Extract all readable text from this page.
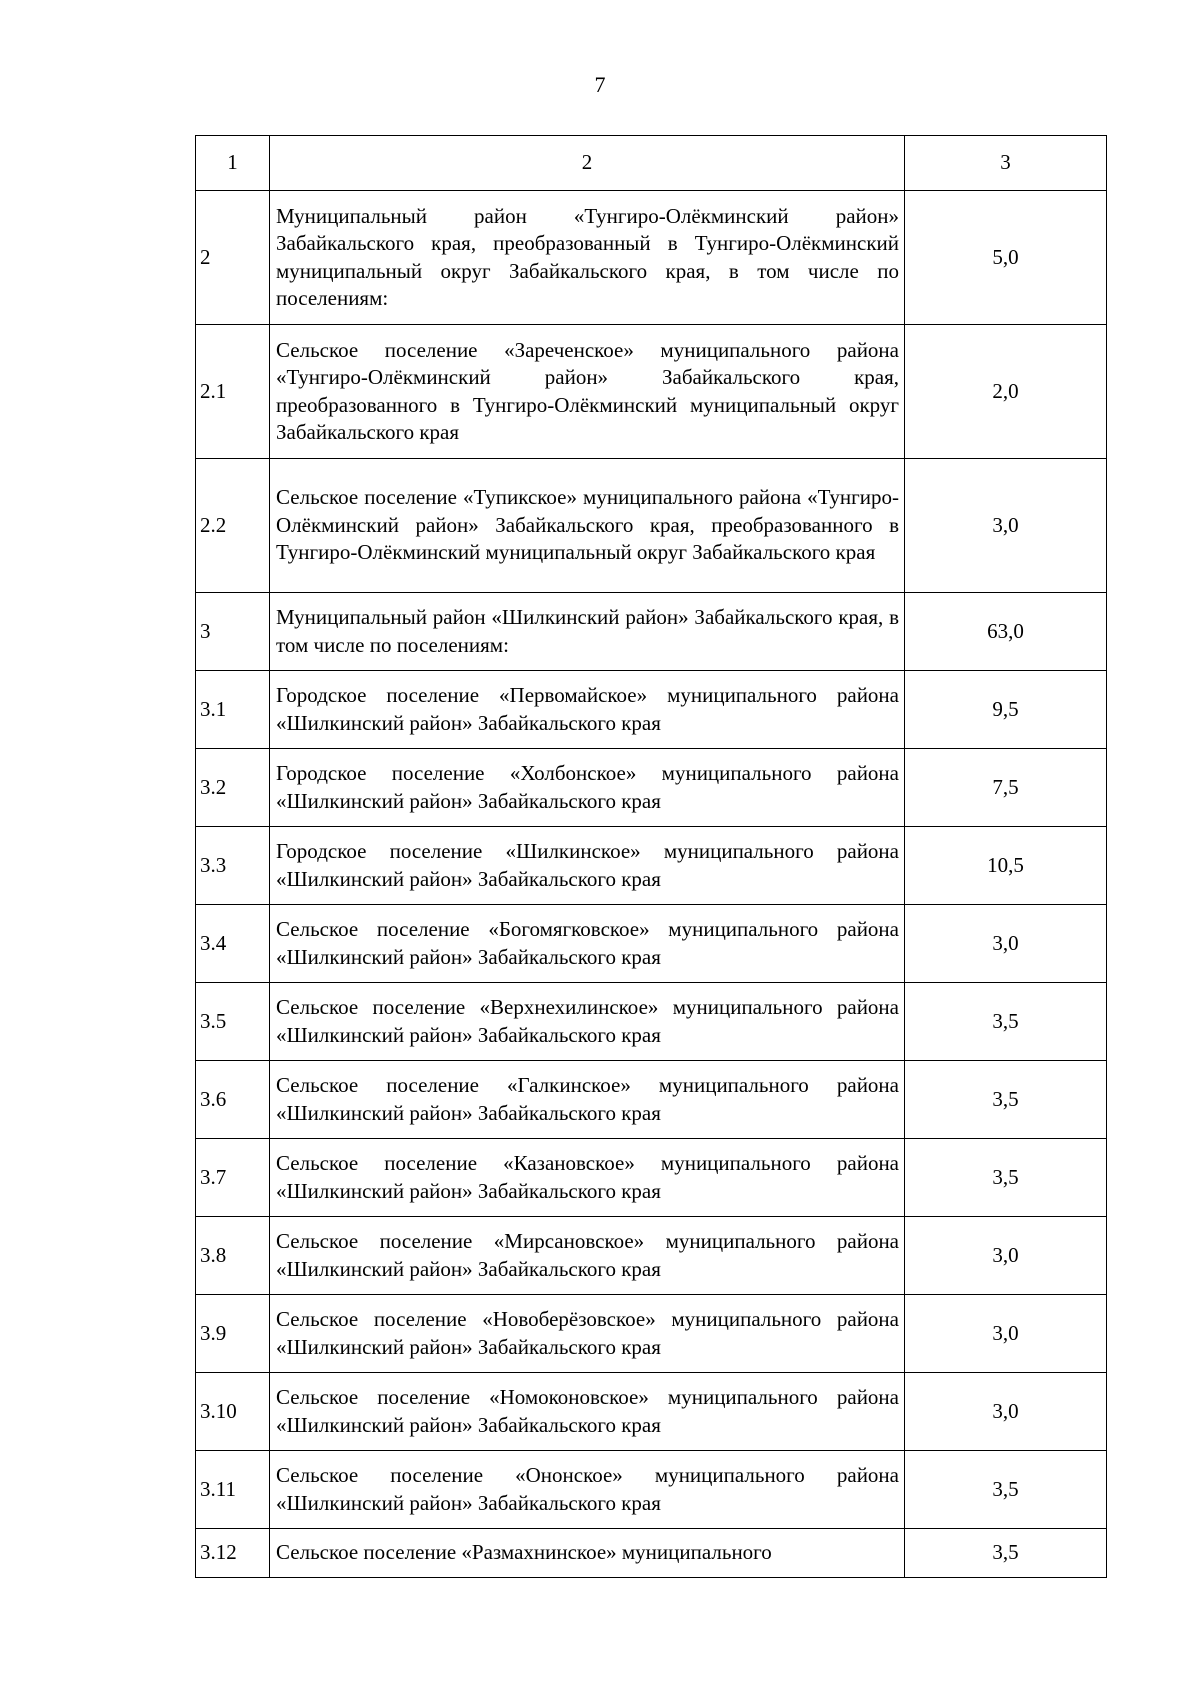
7
1	2	3
2	Муниципальный район «Тунгиро-Олёкминский район» Забайкальского края, преобразованный в Тунгиро-Олёкминский муниципальный округ Забайкальского края, в том числе по поселениям:	5,0
2.1	Сельское поселение «Зареченское» муниципального района «Тунгиро-Олёкминский район» Забайкальского края, преобразованного в Тунгиро-Олёкминский муниципальный округ Забайкальского края	2,0
2.2	Сельское поселение «Тупикское» муниципального района «Тунгиро-Олёкминский район» Забайкальского края, преобразованного в Тунгиро-Олёкминский муниципальный округ Забайкальского края	3,0
3	Муниципальный район «Шилкинский район» Забайкальского края, в том числе по поселениям:	63,0
3.1	Городское поселение «Первомайское» муниципального района «Шилкинский район» Забайкальского края	9,5
3.2	Городское поселение «Холбонское» муниципального района «Шилкинский район» Забайкальского края	7,5
3.3	Городское поселение «Шилкинское» муниципального района «Шилкинский район» Забайкальского края	10,5
3.4	Сельское поселение «Богомягковское» муниципального района «Шилкинский район» Забайкальского края	3,0
3.5	Сельское поселение «Верхнехилинское» муниципального района «Шилкинский район» Забайкальского края	3,5
3.6	Сельское поселение «Галкинское» муниципального района «Шилкинский район» Забайкальского края	3,5
3.7	Сельское поселение «Казановское» муниципального района «Шилкинский район» Забайкальского края	3,5
3.8	Сельское поселение «Мирсановское» муниципального района «Шилкинский район» Забайкальского края	3,0
3.9	Сельское поселение «Новоберёзовское» муниципального района «Шилкинский район» Забайкальского края	3,0
3.10	Сельское поселение «Номоконовское» муниципального района «Шилкинский район» Забайкальского края	3,0
3.11	Сельское поселение «Ононское» муниципального района «Шилкинский район» Забайкальского края	3,5
3.12	Сельское поселение «Размахнинское» муниципального	3,5
